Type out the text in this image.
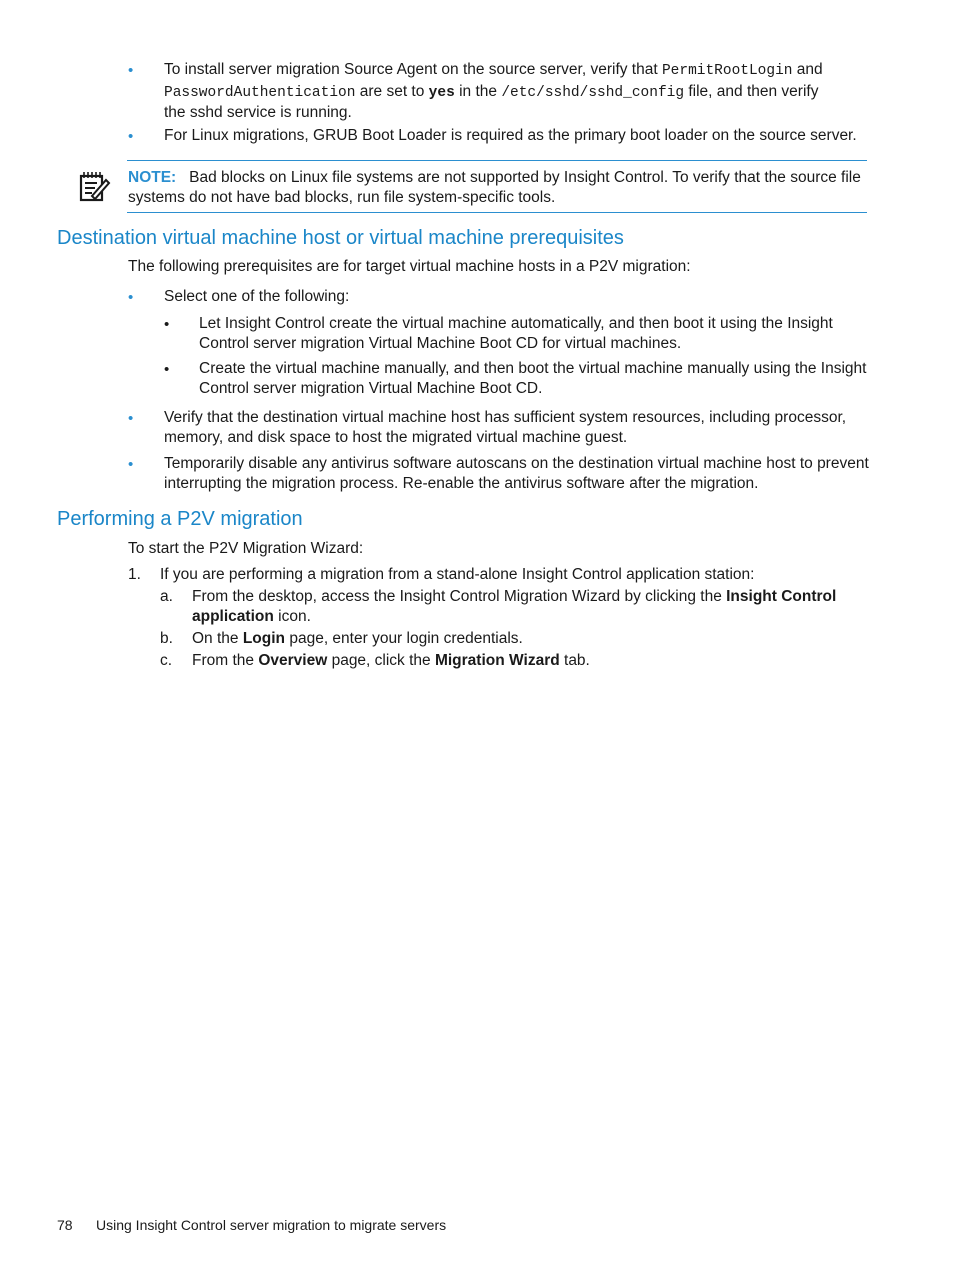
• To install server migration Source Agent on the source server, verify that PermitRootLogin and
PasswordAuthentication are set to yes in the /etc/sshd/sshd_config file, and then verify
the sshd service is running.
• For Linux migrations, GRUB Boot Loader is required as the primary boot loader on the source server.
NOTE: Bad blocks on Linux file systems are not supported by Insight Control. To verify that the source file
systems do not have bad blocks, run file system-specific tools.
Destination virtual machine host or virtual machine prerequisites
The following prerequisites are for target virtual machine hosts in a P2V migration:
• Select one of the following:
• Let Insight Control create the virtual machine automatically, and then boot it using the Insight
Control server migration Virtual Machine Boot CD for virtual machines.
• Create the virtual machine manually, and then boot the virtual machine manually using the Insight
Control server migration Virtual Machine Boot CD.
• Verify that the destination virtual machine host has sufficient system resources, including processor,
memory, and disk space to host the migrated virtual machine guest.
• Temporarily disable any antivirus software autoscans on the destination virtual machine host to prevent
interrupting the migration process. Re-enable the antivirus software after the migration.
Performing a P2V migration
To start the P2V Migration Wizard:
1. If you are performing a migration from a stand-alone Insight Control application station:
a. From the desktop, access the Insight Control Migration Wizard by clicking the Insight Control
application icon.
b. On the Login page, enter your login credentials.
c. From the Overview page, click the Migration Wizard tab.
78 Using Insight Control server migration to migrate servers
